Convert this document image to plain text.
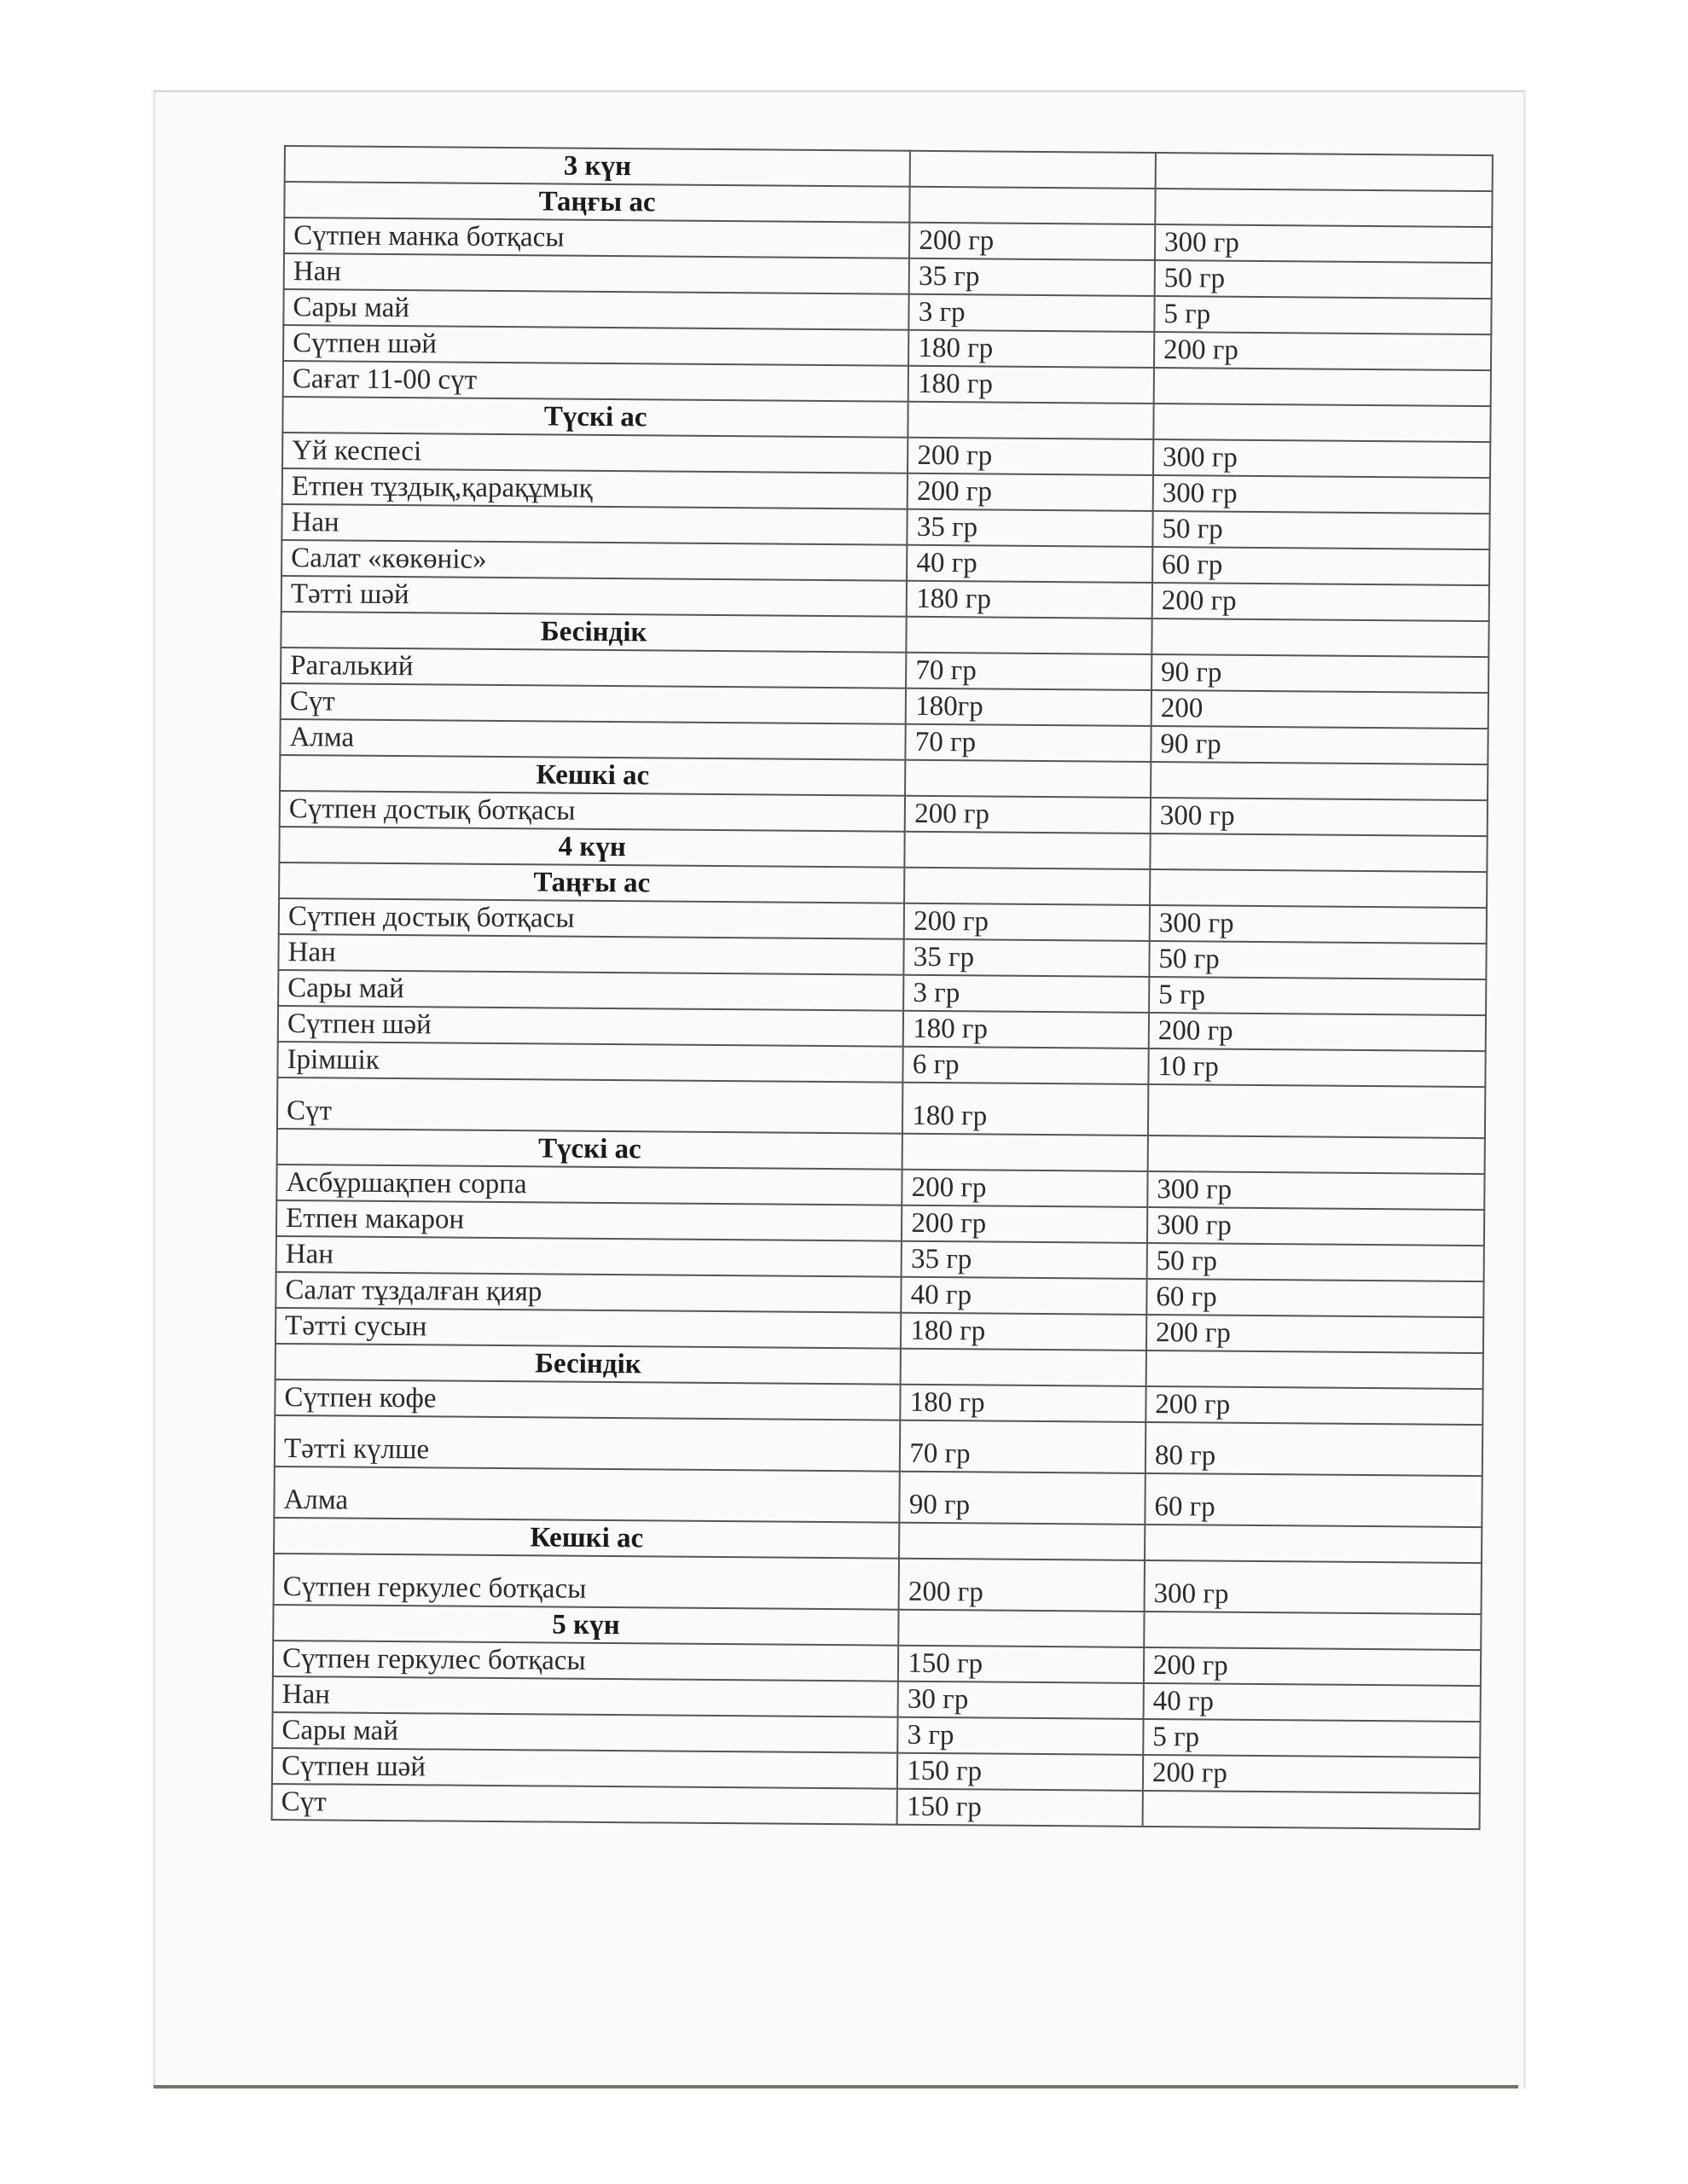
3 күн		
Таңғы ас		
Сүтпен манка ботқасы	200 гр	300 гр
Нан	35 гр	50 гр
Сары май	3 гр	5 гр
Сүтпен шәй	180 гр	200 гр
Сағат 11-00 сүт	180 гр	
Түскі ас		
Үй кеспесі	200 гр	300 гр
Етпен тұздық,қарақұмық	200 гр	300 гр
Нан	35 гр	50 гр
Салат «көкөніс»	40 гр	60 гр
Тәтті шәй	180 гр	200 гр
Бесіндік		
Рагалький	70 гр	90 гр
Сүт	180гр	200
Алма	70 гр	90 гр
Кешкі ас		
Сүтпен достық ботқасы	200 гр	300 гр
4 күн		
Таңғы ас		
Сүтпен достық ботқасы	200 гр	300 гр
Нан	35 гр	50 гр
Сары май	3 гр	5 гр
Сүтпен шәй	180 гр	200 гр
Ірімшік	6 гр	10 гр
Сүт	180 гр	
Түскі ас		
Асбұршақпен сорпа	200 гр	300 гр
Етпен макарон	200 гр	300 гр
Нан	35 гр	50 гр
Салат тұздалған қияр	40 гр	60 гр
Тәтті сусын	180 гр	200 гр
Бесіндік		
Сүтпен кофе	180 гр	200 гр
Тәтті күлше	70 гр	80 гр
Алма	90 гр	60 гр
Кешкі ас		
Сүтпен геркулес ботқасы	200 гр	300 гр
5 күн		
Сүтпен геркулес ботқасы	150 гр	200 гр
Нан	30 гр	40 гр
Сары май	3 гр	5 гр
Сүтпен шәй	150 гр	200 гр
Сүт	150 гр	
